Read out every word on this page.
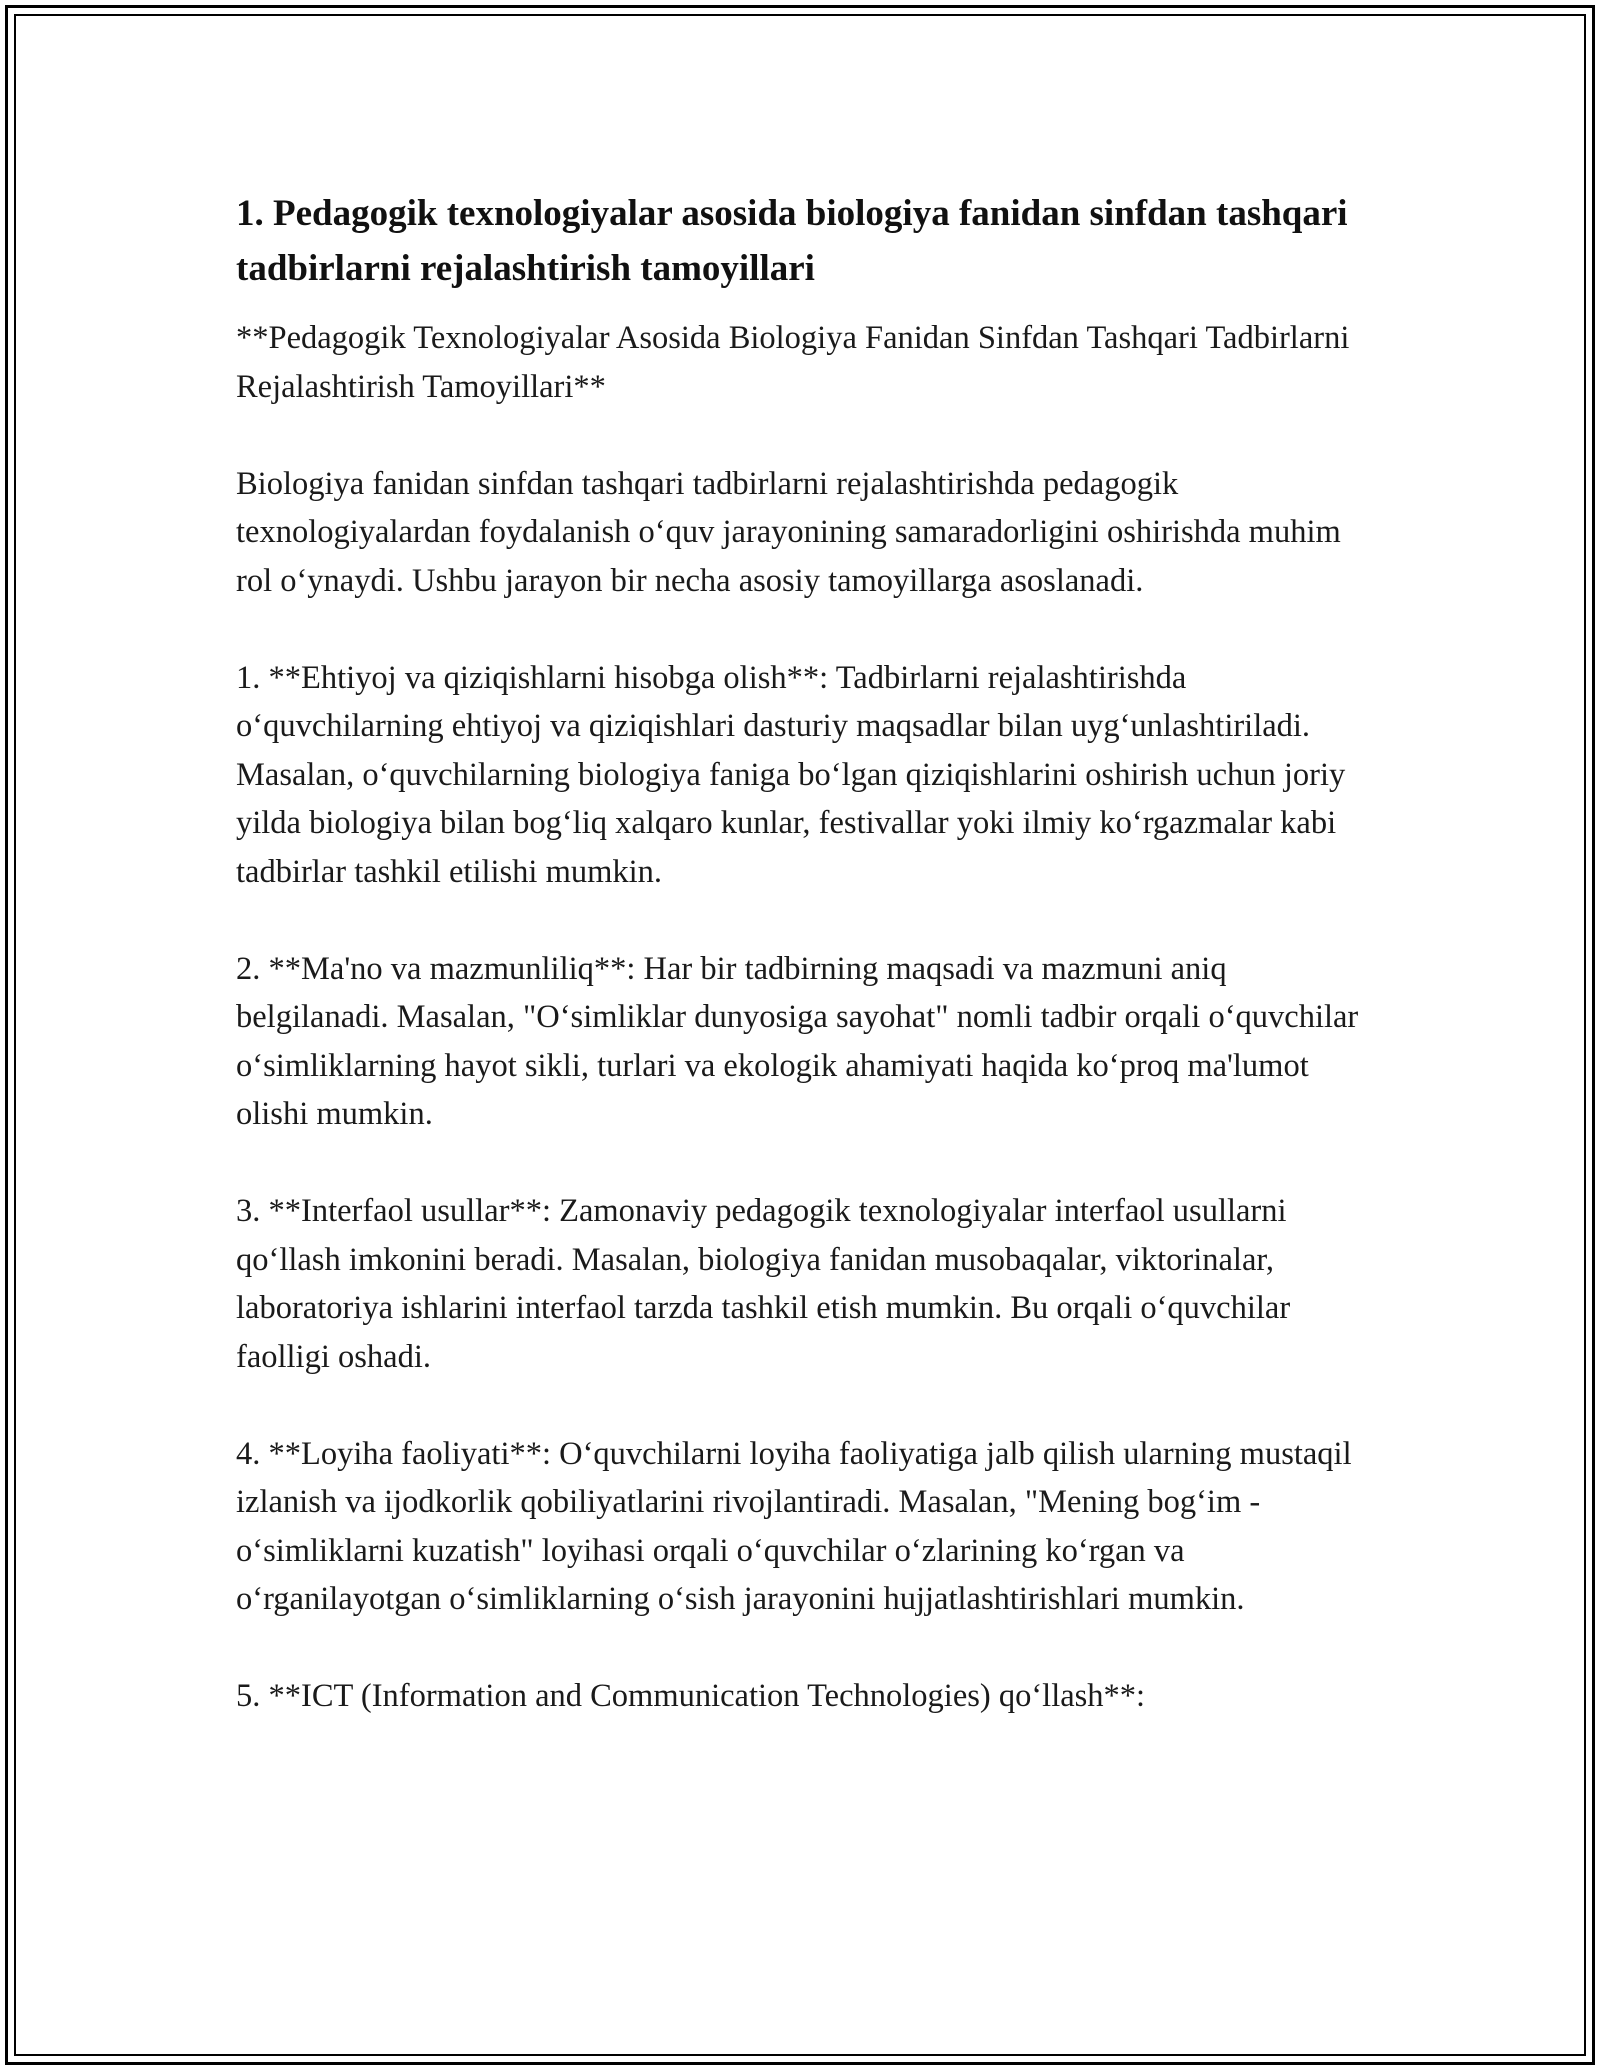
1. Pedagogik texnologiyalar asosida biologiya fanidan sinfdan tashqari tadbirlarni rejalashtirish tamoyillari

**Pedagogik Texnologiyalar Asosida Biologiya Fanidan Sinfdan Tashqari Tadbirlarni Rejalashtirish Tamoyillari**

Biologiya fanidan sinfdan tashqari tadbirlarni rejalashtirishda pedagogik texnologiyalardan foydalanish oʻquv jarayonining samaradorligini oshirishda muhim rol oʻynaydi. Ushbu jarayon bir necha asosiy tamoyillarga asoslanadi.

1. **Ehtiyoj va qiziqishlarni hisobga olish**: Tadbirlarni rejalashtirishda oʻquvchilarning ehtiyoj va qiziqishlari dasturiy maqsadlar bilan uygʻunlashtiriladi. Masalan, oʻquvchilarning biologiya faniga boʻlgan qiziqishlarini oshirish uchun joriy yilda biologiya bilan bogʻliq xalqaro kunlar, festivallar yoki ilmiy koʻrgazmalar kabi tadbirlar tashkil etilishi mumkin.

2. **Ma'no va mazmunliliq**: Har bir tadbirning maqsadi va mazmuni aniq belgilanadi. Masalan, "Oʻsimliklar dunyosiga sayohat" nomli tadbir orqali oʻquvchilar oʻsimliklarning hayot sikli, turlari va ekologik ahamiyati haqida koʻproq ma'lumot olishi mumkin.

3. **Interfaol usullar**: Zamonaviy pedagogik texnologiyalar interfaol usullarni qoʻllash imkonini beradi. Masalan, biologiya fanidan musobaqalar, viktorinalar, laboratoriya ishlarini interfaol tarzda tashkil etish mumkin. Bu orqali oʻquvchilar faolligi oshadi.

4. **Loyiha faoliyati**: Oʻquvchilarni loyiha faoliyatiga jalb qilish ularning mustaqil izlanish va ijodkorlik qobiliyatlarini rivojlantiradi. Masalan, "Mening bogʻim - oʻsimliklarni kuzatish" loyihasi orqali oʻquvchilar oʻzlarining koʻrgan va oʻrganilayotgan oʻsimliklarning oʻsish jarayonini hujjatlashtirishlari mumkin.

5. **ICT (Information and Communication Technologies) qoʻllash**:
